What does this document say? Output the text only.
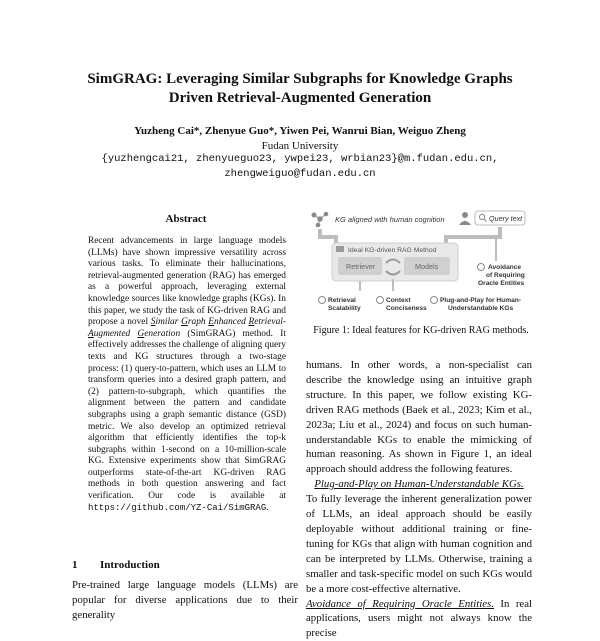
SimGRAG: Leveraging Similar Subgraphs for Knowledge Graphs
Driven Retrieval-Augmented Generation
Yuzheng Cai*, Zhenyue Guo*, Yiwen Pei, Wanrui Bian, Weiguo Zheng
Fudan University
{yuzhengcai21, zhenyueguo23, ywpei23, wrbian23}@m.fudan.edu.cn,
zhengweiguo@fudan.edu.cn
Abstract
Recent advancements in large language models (LLMs) have shown impressive versatility across various tasks. To eliminate their hallucinations, retrieval-augmented generation (RAG) has emerged as a powerful approach, leveraging external knowledge sources like knowledge graphs (KGs). In this paper, we study the task of KG-driven RAG and propose a novel Similar Graph Enhanced Retrieval-Augmented Generation (SimGRAG) method. It effectively addresses the challenge of aligning query texts and KG structures through a two-stage process: (1) query-to-pattern, which uses an LLM to transform queries into a desired graph pattern, and (2) pattern-to-subgraph, which quantifies the alignment between the pattern and candidate subgraphs using a graph semantic distance (GSD) metric. We also develop an optimized retrieval algorithm that efficiently identifies the top-k subgraphs within 1-second on a 10-million-scale KG. Extensive experiments show that SimGRAG outperforms state-of-the-art KG-driven RAG methods in both question answering and fact verification. Our code is available at https://github.com/YZ-Cai/SimGRAG.
1 Introduction
Pre-trained large language models (LLMs) are popular for diverse applications due to their generality
KG aligned with human cognition	Query text
Ideal KG-driven RAG Method
Retriever	Models
Retrieval
Scalability
Context
Conciseness
Plug-and-Play for Human-
Understandable KGs
Avoidance
of Requiring
Oracle Entities
Figure 1: Ideal features for KG-driven RAG methods.

humans. In other words, a non-specialist can describe the knowledge using an intuitive graph structure. In this paper, we follow existing KG-driven RAG methods (Baek et al., 2023; Kim et al., 2023a; Liu et al., 2024) and focus on such human-understandable KGs to enable the mimicking of human reasoning. As shown in Figure 1, an ideal approach should address the following features.

Plug-and-Play on Human-Understandable KGs.

To fully leverage the inherent generalization power of LLMs, an ideal approach should be easily deployable without additional training or fine-tuning for KGs that align with human cognition and can be interpreted by LLMs. Otherwise, training a smaller and task-specific model on such KGs would be a more cost-effective alternative.

Avoidance of Requiring Oracle Entities. In real applications, users might not always know the precise
